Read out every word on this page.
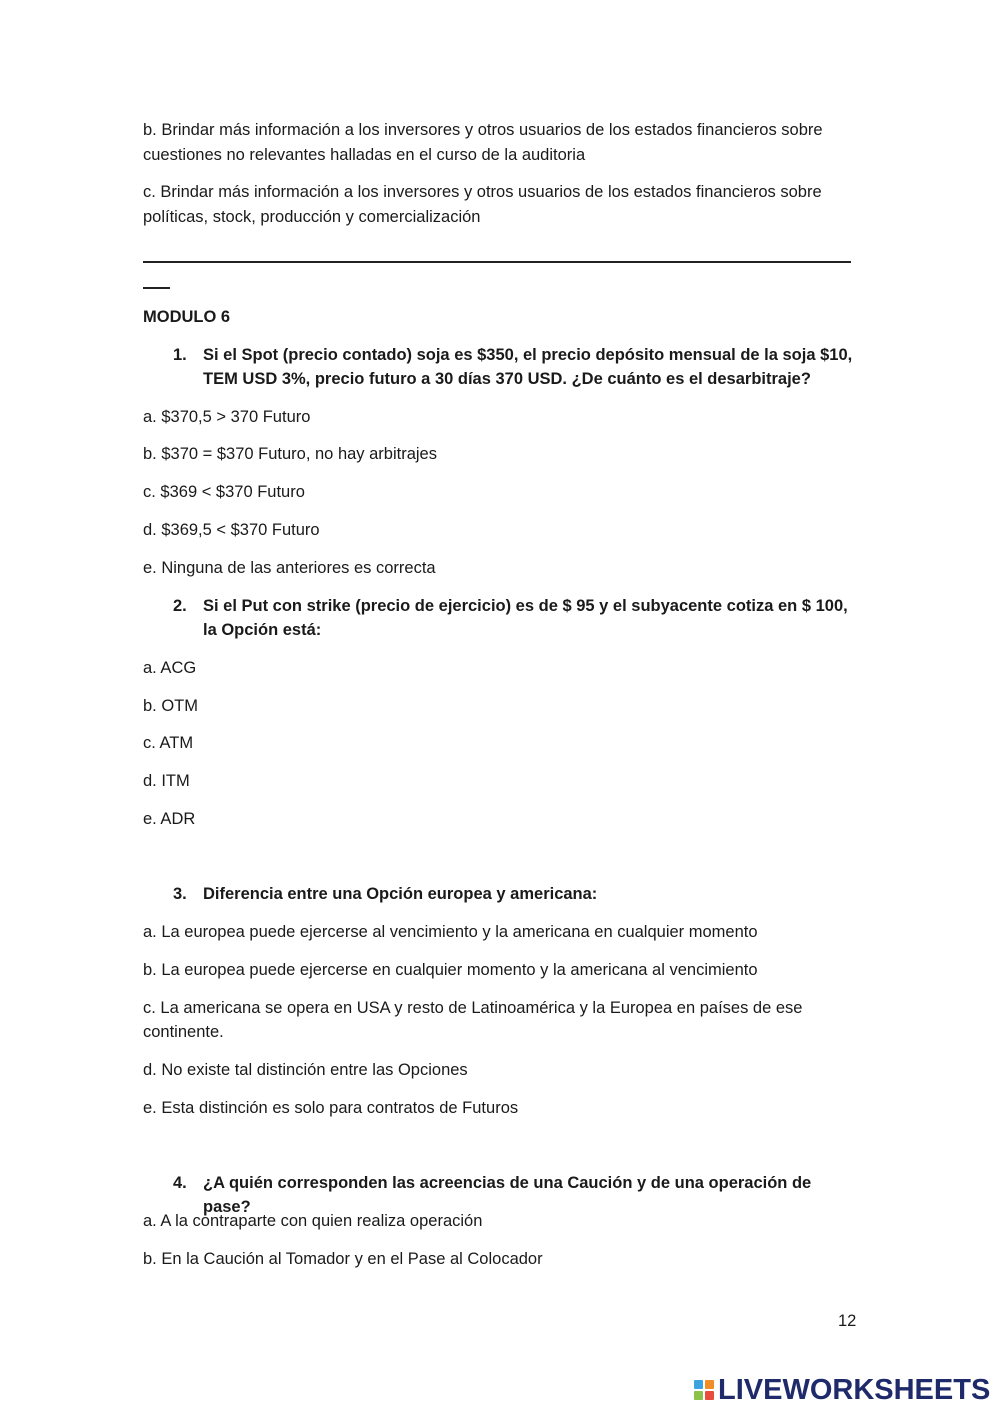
b. Brindar más información a los inversores y otros usuarios de los estados financieros sobre
cuestiones no relevantes halladas en el curso de la auditoria
c. Brindar más información a los inversores y otros usuarios de los estados financieros sobre
políticas, stock, producción y comercialización
MODULO 6
1. Si el Spot (precio contado) soja es $350, el precio depósito mensual de la soja $10, TEM USD 3%, precio futuro a 30 días 370 USD. ¿De cuánto es el desarbitraje?
a. $370,5 > 370 Futuro
b. $370 = $370 Futuro, no hay arbitrajes
c. $369 < $370 Futuro
d. $369,5 < $370 Futuro
e. Ninguna de las anteriores es correcta
2. Si el Put con strike (precio de ejercicio) es de $ 95 y el subyacente cotiza en $ 100, la Opción está:
a. ACG
b. OTM
c. ATM
d. ITM
e. ADR
3. Diferencia entre una Opción europea y americana:
a. La europea puede ejercerse al vencimiento y la americana en cualquier momento
b. La europea puede ejercerse en cualquier momento y la americana al vencimiento
c. La americana se opera en USA y resto de Latinoamérica y la Europea en países de ese
continente.
d. No existe tal distinción entre las Opciones
e. Esta distinción es solo para contratos de Futuros
4. ¿A quién corresponden las acreencias de una Caución y de una operación de pase?
a. A la contraparte con quien realiza operación
b. En la Caución al Tomador y en el Pase al Colocador
12
LIVEWORKSHEETS
